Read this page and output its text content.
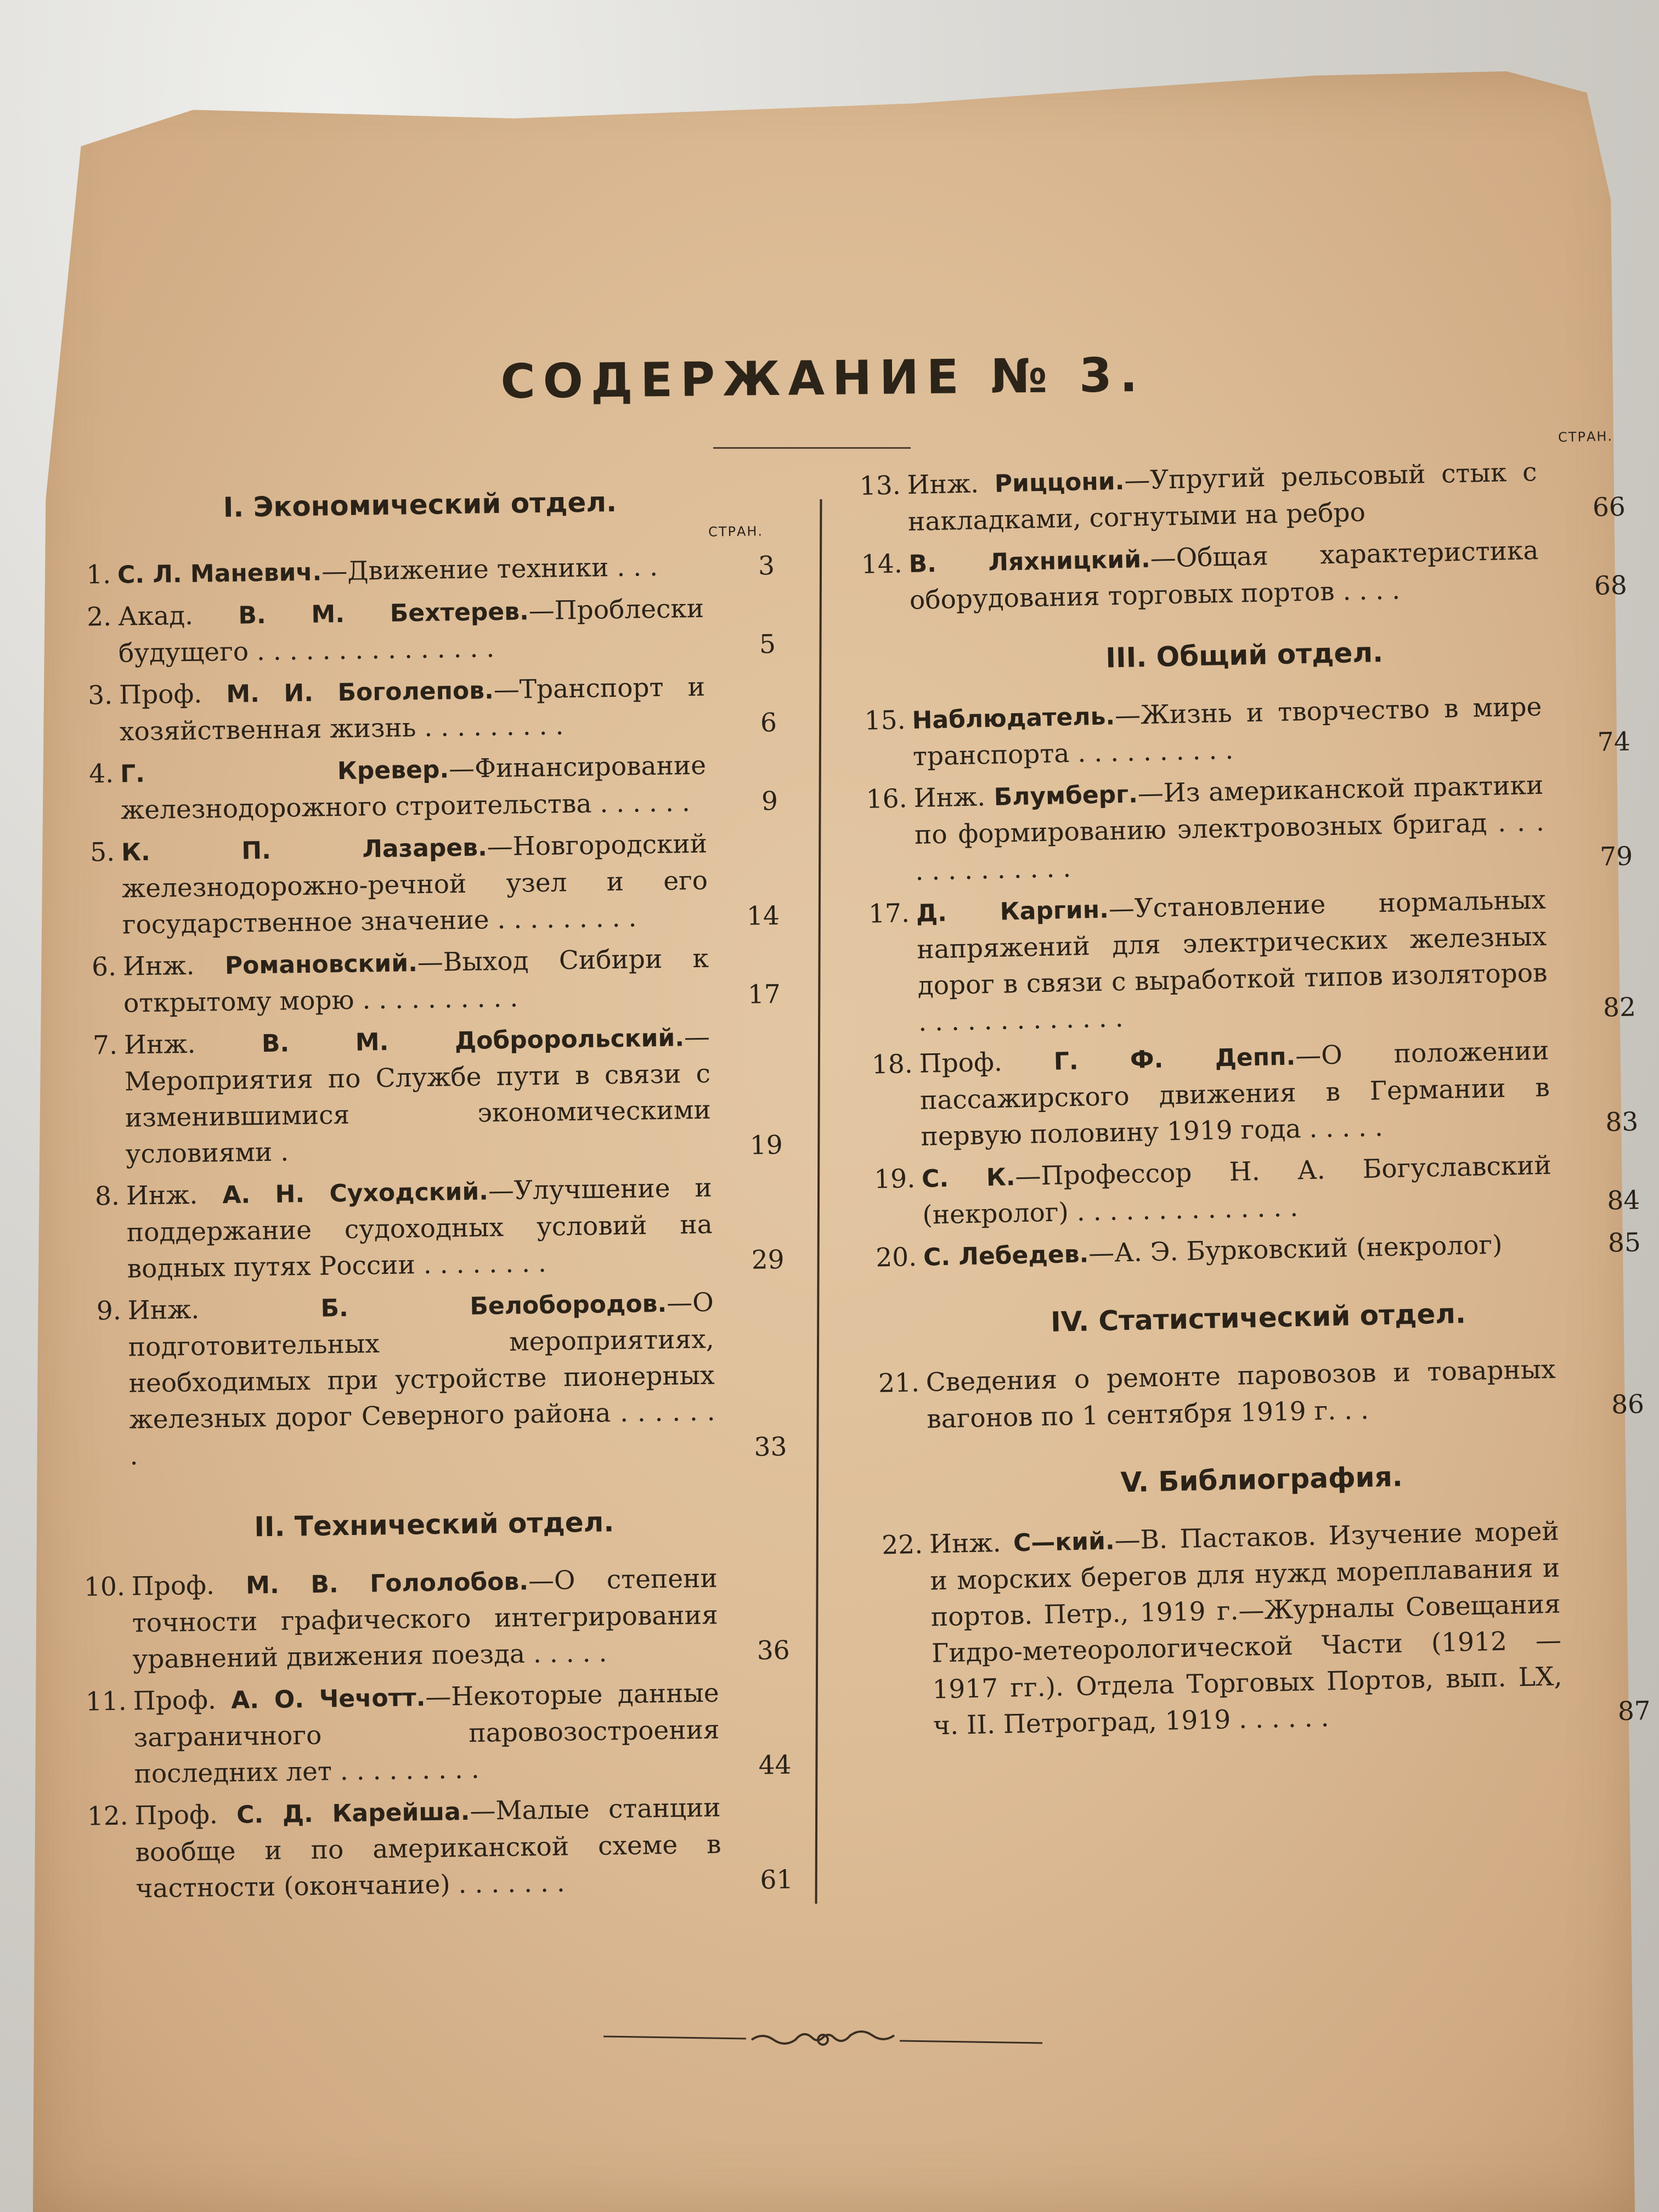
СОДЕРЖАНИЕ № 3.
I. Экономический отдел.
СТРАН.
1. С. Л. Маневич.—Движение техники . . .	3
2. Акад. В. М. Бехтерев.—Проблески будущего . . . . . . . . . . . . . . .	5
3. Проф. М. И. Боголепов.—Транспорт и хозяйственная жизнь . . . . . . . . .	6
4. Г. Кревер.—Финансирование железнодорожного строительства . . . . . .	9
5. К. П. Лазарев.—Новгородский железнодорожно-речной узел и его государственное значение . . . . . . . . .	14
6. Инж. Романовский.—Выход Сибири к открытому морю . . . . . . . . . .	17
7. Инж. В. М. Добророльский.—Мероприятия по Службе пути в связи с изменившимися экономическими условиями .	19
8. Инж. А. Н. Суходский.—Улучшение и поддержание судоходных условий на водных путях России . . . . . . . .	29
9. Инж. Б. Белобородов.—О подготовительных мероприятиях, необходимых при устройстве пионерных железных дорог Северного района . . . . . . .	33
II. Технический отдел.
10. Проф. М. В. Гололобов.—О степени точности графического интегрирования уравнений движения поезда . . . . .	36
11. Проф. А. О. Чечотт.—Некоторые данные заграничного паровозостроения последних лет . . . . . . . . .	44
12. Проф. С. Д. Карейша.—Малые станции вообще и по американской схеме в частности (окончание) . . . . . . .	61
СТРАН.
13. Инж. Риццони.—Упругий рельсовый стык с накладками, согнутыми на ребро	66
14. В. Ляхницкий.—Общая характеристика оборудования торговых портов . . . .	68
III. Общий отдел.
15. Наблюдатель.—Жизнь и творчество в мире транспорта . . . . . . . . . .	74
16. Инж. Блумберг.—Из американской практики по формированию электровозных бригад . . . . . . . . . . . . .	79
17. Д. Каргин.—Установление нормальных напряжений для электрических железных дорог в связи с выработкой типов изоляторов . . . . . . . . . . . . .	82
18. Проф. Г. Ф. Депп.—О положении пассажирского движения в Германии в первую половину 1919 года . . . . .	83
19. С. К.—Профессор Н. А. Богуславский (некролог) . . . . . . . . . . . . . .	84
20. С. Лебедев.—А. Э. Бурковский (некролог)	85
IV. Статистический отдел.
21. Сведения о ремонте паровозов и товарных вагонов по 1 сентября 1919 г. . .	86
V. Библиография.
22. Инж. С—кий.—В. Пастаков. Изучение морей и морских берегов для нужд мореплавания и портов. Петр., 1919 г.—Журналы Совещания Гидро-метеорологической Части (1912 — 1917 гг.). Отдела Торговых Портов, вып. LX, ч. II. Петроград, 1919 . . . . . .	87
